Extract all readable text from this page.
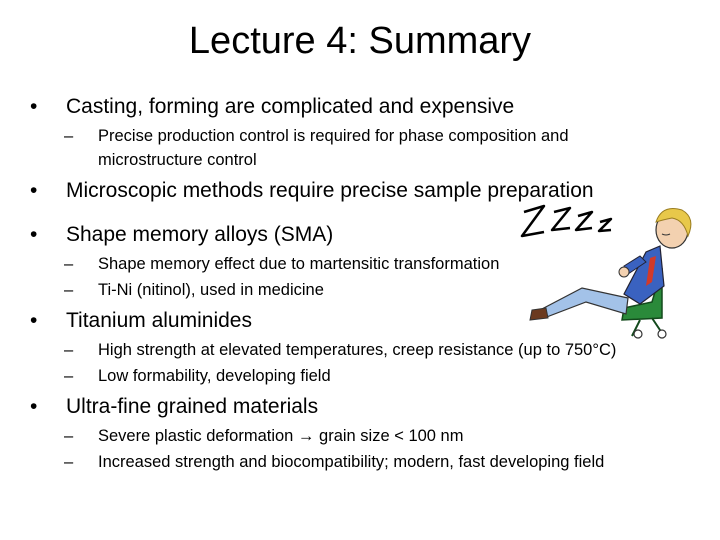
Lecture 4: Summary
•	Casting, forming are complicated and expensive
– Precise production control is required for phase composition and
microstructure control
•	Microscopic methods require precise sample preparation
•	Shape memory alloys (SMA)
– Shape memory effect due to martensitic transformation
– Ti-Ni (nitinol), used in medicine
•	Titanium aluminides
– High strength at elevated temperatures, creep resistance (up to 750°C)
– Low formability, developing field
•	Ultra-fine grained materials
– Severe plastic deformation → grain size < 100 nm
– Increased strength and biocompatibility; modern, fast developing field
